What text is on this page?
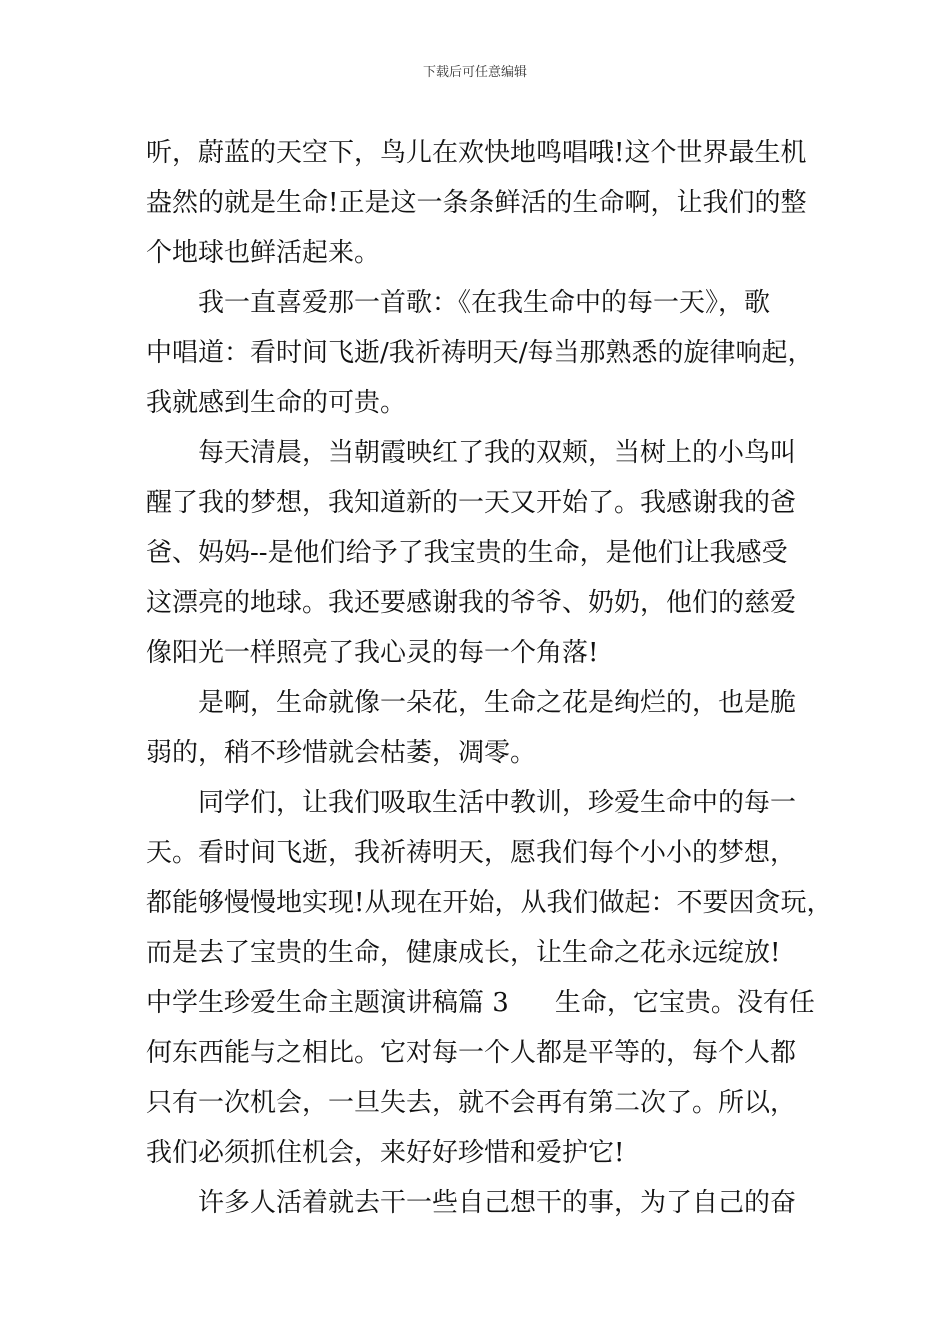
下载后可任意编辑
听，蔚蓝的天空下，鸟儿在欢快地鸣唱哦!这个世界最生机
盎然的就是生命!正是这一条条鲜活的生命啊，让我们的整
个地球也鲜活起来。
我一直喜爱那一首歌：《在我生命中的每一天》，歌
中唱道：看时间飞逝/我祈祷明天/每当那熟悉的旋律响起，
我就感到生命的可贵。
每天清晨，当朝霞映红了我的双颊，当树上的小鸟叫
醒了我的梦想，我知道新的一天又开始了。我感谢我的爸
爸、妈妈--是他们给予了我宝贵的生命，是他们让我感受
这漂亮的地球。我还要感谢我的爷爷、奶奶，他们的慈爱
像阳光一样照亮了我心灵的每一个角落!
是啊，生命就像一朵花，生命之花是绚烂的，也是脆
弱的，稍不珍惜就会枯萎，凋零。
同学们，让我们吸取生活中教训，珍爱生命中的每一
天。看时间飞逝，我祈祷明天，愿我们每个小小的梦想，
都能够慢慢地实现!从现在开始，从我们做起：不要因贪玩，
而是去了宝贵的生命，健康成长，让生命之花永远绽放!
中学生珍爱生命主题演讲稿篇 3 生命，它宝贵。没有任
何东西能与之相比。它对每一个人都是平等的，每个人都
只有一次机会，一旦失去，就不会再有第二次了。所以，
我们必须抓住机会，来好好珍惜和爱护它!
许多人活着就去干一些自己想干的事，为了自己的奋
